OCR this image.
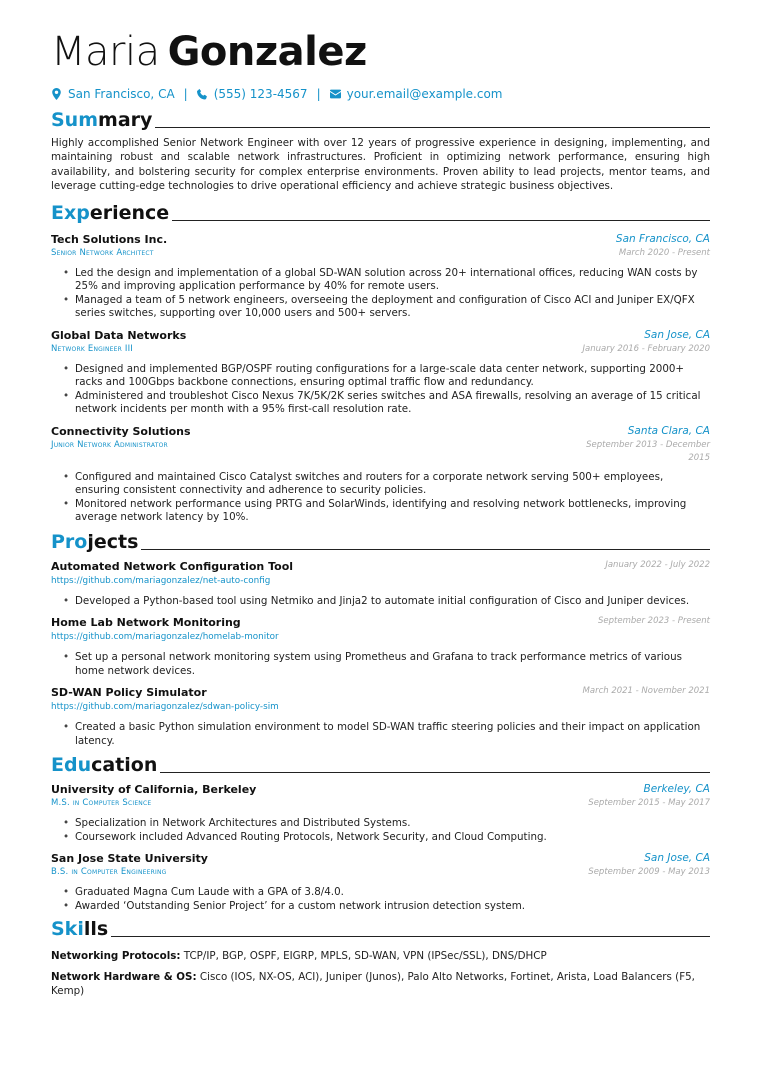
Maria Gonzalez
San Francisco, CA | (555) 123-4567 | your.email@example.com
Summary

Highly accomplished Senior Network Engineer with over 12 years of progressive experience in designing, implementing, and maintaining robust and scalable network infrastructures. Proficient in optimizing network performance, ensuring high availability, and bolstering security for complex enterprise environments. Proven ability to lead projects, mentor teams, and leverage cutting-edge technologies to drive operational efficiency and achieve strategic business objectives.

Experience
Tech Solutions Inc.	San Francisco, CA
Senior Network Architect	March 2020 - Present
• Led the design and implementation of a global SD-WAN solution across 20+ international offices, reducing WAN costs by 25% and improving application performance by 40% for remote users.
• Managed a team of 5 network engineers, overseeing the deployment and configuration of Cisco ACI and Juniper EX/QFX series switches, supporting over 10,000 users and 500+ servers.
Global Data Networks	San Jose, CA
Network Engineer III	January 2016 - February 2020
• Designed and implemented BGP/OSPF routing configurations for a large-scale data center network, supporting 2000+ racks and 100Gbps backbone connections, ensuring optimal traffic flow and redundancy.
• Administered and troubleshot Cisco Nexus 7K/5K/2K series switches and ASA firewalls, resolving an average of 15 critical network incidents per month with a 95% first-call resolution rate.
Connectivity Solutions	Santa Clara, CA
Junior Network Administrator	September 2013 - December 2015
• Configured and maintained Cisco Catalyst switches and routers for a corporate network serving 500+ employees, ensuring consistent connectivity and adherence to security policies.
• Monitored network performance using PRTG and SolarWinds, identifying and resolving network bottlenecks, improving average network latency by 10%.
Projects
Automated Network Configuration Tool	January 2022 - July 2022
https://github.com/mariagonzalez/net-auto-config
• Developed a Python-based tool using Netmiko and Jinja2 to automate initial configuration of Cisco and Juniper devices.
Home Lab Network Monitoring	September 2023 - Present
https://github.com/mariagonzalez/homelab-monitor
• Set up a personal network monitoring system using Prometheus and Grafana to track performance metrics of various home network devices.
SD-WAN Policy Simulator	March 2021 - November 2021
https://github.com/mariagonzalez/sdwan-policy-sim
• Created a basic Python simulation environment to model SD-WAN traffic steering policies and their impact on application latency.
Education
University of California, Berkeley	Berkeley, CA
M.S. in Computer Science	September 2015 - May 2017
• Specialization in Network Architectures and Distributed Systems.
• Coursework included Advanced Routing Protocols, Network Security, and Cloud Computing.
San Jose State University	San Jose, CA
B.S. in Computer Engineering	September 2009 - May 2013
• Graduated Magna Cum Laude with a GPA of 3.8/4.0.
• Awarded ‘Outstanding Senior Project’ for a custom network intrusion detection system.
Skills
Networking Protocols: TCP/IP, BGP, OSPF, EIGRP, MPLS, SD-WAN, VPN (IPSec/SSL), DNS/DHCP
Network Hardware & OS: Cisco (IOS, NX-OS, ACI), Juniper (Junos), Palo Alto Networks, Fortinet, Arista, Load Balancers (F5, Kemp)
